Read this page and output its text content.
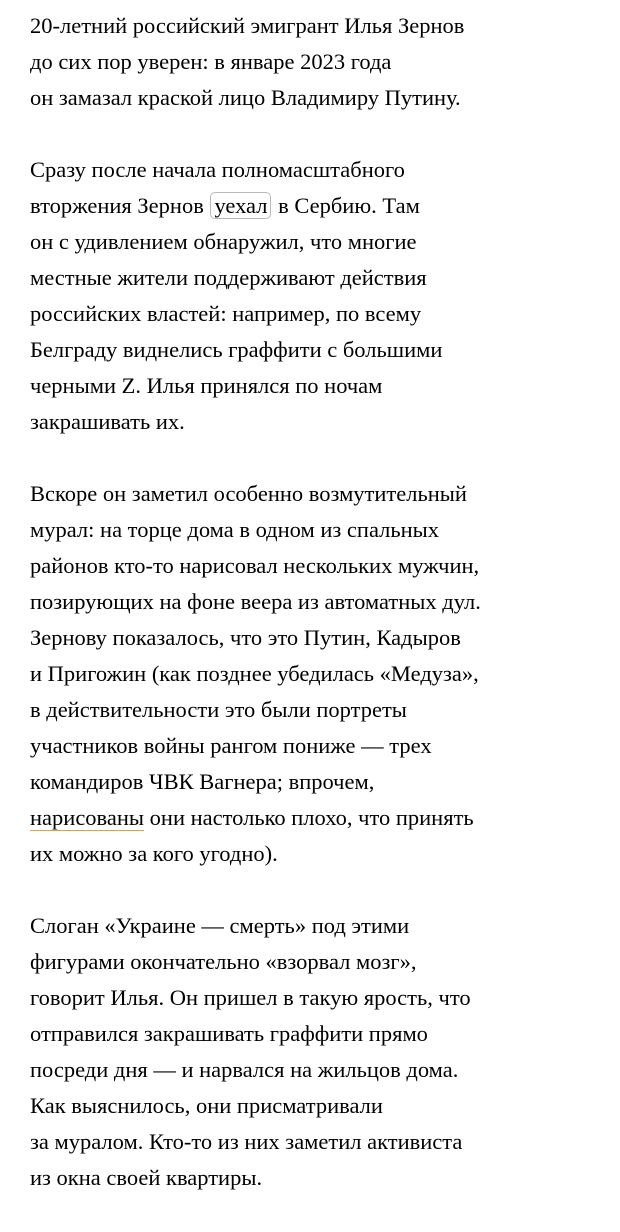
20-летний российский эмигрант Илья Зернов
до сих пор уверен: в январе 2023 года
он замазал краской лицо Владимиру Путину.

Сразу после начала полномасштабного
вторжения Зернов уехал в Сербию. Там
он с удивлением обнаружил, что многие
местные жители поддерживают действия
российских властей: например, по всему
Белграду виднелись граффити с большими
черными Z. Илья принялся по ночам
закрашивать их.

Вскоре он заметил особенно возмутительный
мурал: на торце дома в одном из спальных
районов кто-то нарисовал нескольких мужчин,
позирующих на фоне веера из автоматных дул.
Зернову показалось, что это Путин, Кадыров
и Пригожин (как позднее убедилась «Медуза»,
в действительности это были портреты
участников войны рангом пониже — трех
командиров ЧВК Вагнера; впрочем,
нарисованы они настолько плохо, что принять
их можно за кого угодно).

Слоган «Украине — смерть» под этими
фигурами окончательно «взорвал мозг»,
говорит Илья. Он пришел в такую ярость, что
отправился закрашивать граффити прямо
посреди дня — и нарвался на жильцов дома.
Как выяснилось, они присматривали
за муралом. Кто-то из них заметил активиста
из окна своей квартиры.
